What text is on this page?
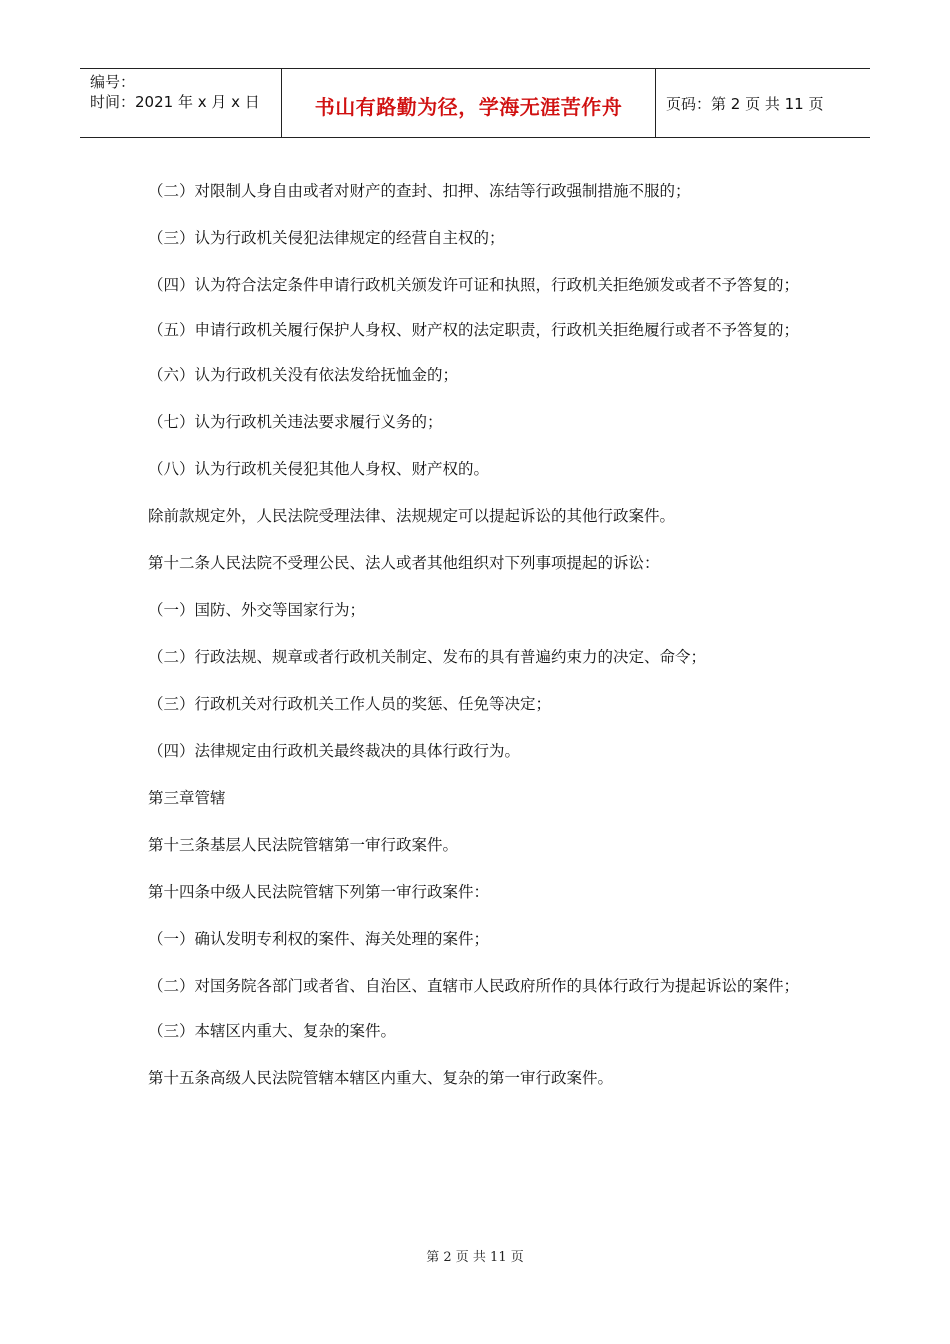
编号：
时间：2021 年 x 月 x 日	书山有路勤为径，学海无涯苦作舟	页码：第 2 页 共 11 页

（二）对限制人身自由或者对财产的查封、扣押、冻结等行政强制措施不服的；

（三）认为行政机关侵犯法律规定的经营自主权的；

（四）认为符合法定条件申请行政机关颁发许可证和执照，行政机关拒绝颁发或者不予答复的；

（五）申请行政机关履行保护人身权、财产权的法定职责，行政机关拒绝履行或者不予答复的；

（六）认为行政机关没有依法发给抚恤金的；

（七）认为行政机关违法要求履行义务的；

（八）认为行政机关侵犯其他人身权、财产权的。

除前款规定外，人民法院受理法律、法规规定可以提起诉讼的其他行政案件。

第十二条人民法院不受理公民、法人或者其他组织对下列事项提起的诉讼：

（一）国防、外交等国家行为；

（二）行政法规、规章或者行政机关制定、发布的具有普遍约束力的决定、命令；

（三）行政机关对行政机关工作人员的奖惩、任免等决定；

（四）法律规定由行政机关最终裁决的具体行政行为。

第三章管辖

第十三条基层人民法院管辖第一审行政案件。

第十四条中级人民法院管辖下列第一审行政案件：

（一）确认发明专利权的案件、海关处理的案件；

（二）对国务院各部门或者省、自治区、直辖市人民政府所作的具体行政行为提起诉讼的案件；

（三）本辖区内重大、复杂的案件。

第十五条高级人民法院管辖本辖区内重大、复杂的第一审行政案件。

第 2 页 共 11 页
